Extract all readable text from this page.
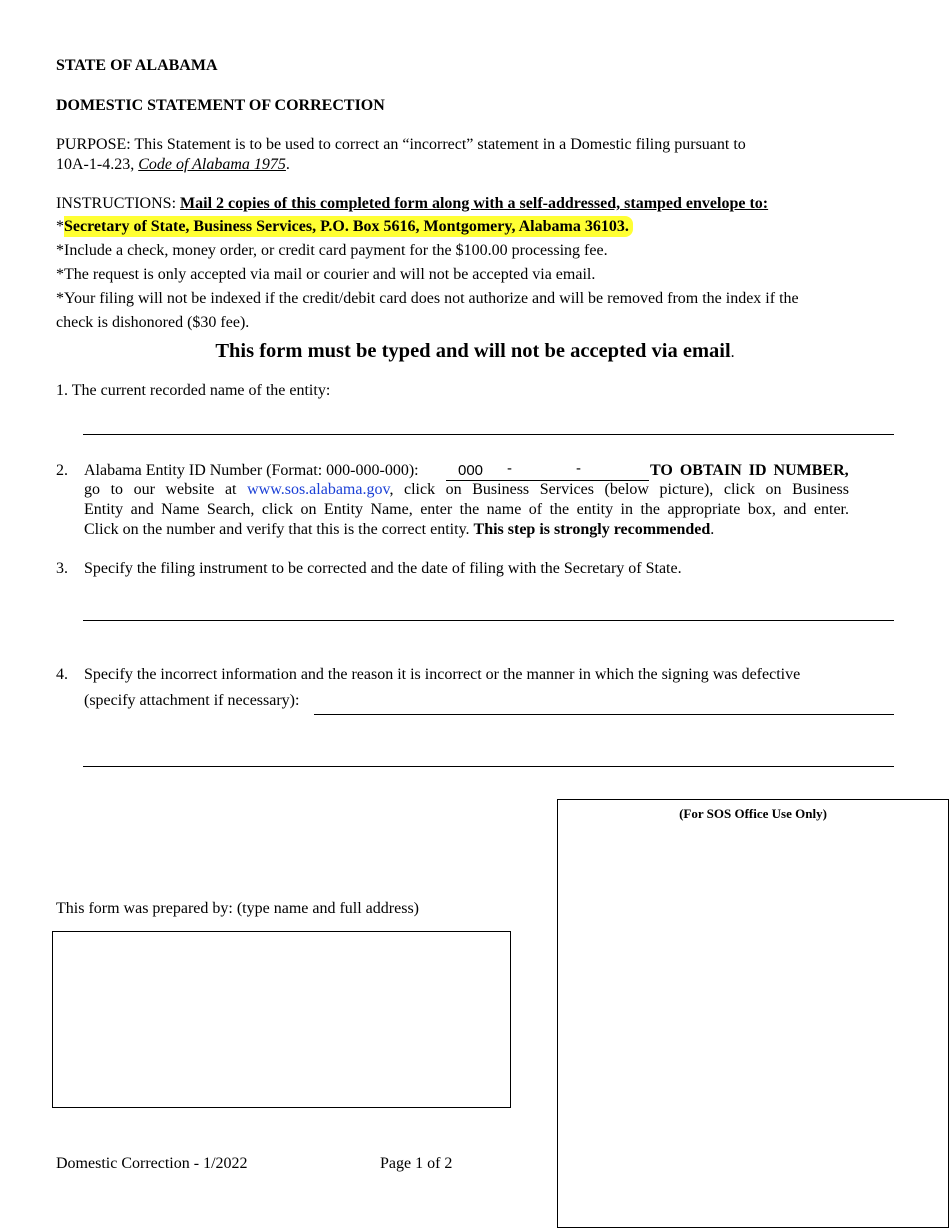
STATE OF ALABAMA
DOMESTIC STATEMENT OF CORRECTION
PURPOSE: This Statement is to be used to correct an “incorrect” statement in a Domestic filing pursuant to
10A-1-4.23, Code of Alabama 1975.
INSTRUCTIONS: Mail 2 copies of this completed form along with a self-addressed, stamped envelope to:
*Secretary of State, Business Services, P.O. Box 5616, Montgomery, Alabama 36103.
*Include a check, money order, or credit card payment for the $100.00 processing fee.
*The request is only accepted via mail or courier and will not be accepted via email.
*Your filing will not be indexed if the credit/debit card does not authorize and will be removed from the index if the
check is dishonored ($30 fee).
This form must be typed and will not be accepted via email.
1. The current recorded name of the entity:
2. Alabama Entity ID Number (Format: 000-000-000):	000 -	-	TO OBTAIN ID NUMBER,
go to our website at www.sos.alabama.gov, click on Business Services (below picture), click on Business
Entity and Name Search, click on Entity Name, enter the name of the entity in the appropriate box, and enter.
Click on the number and verify that this is the correct entity. This step is strongly recommended.
3. Specify the filing instrument to be corrected and the date of filing with the Secretary of State.
4. Specify the incorrect information and the reason it is incorrect or the manner in which the signing was defective
(specify attachment if necessary):
(For SOS Office Use Only)
This form was prepared by: (type name and full address)
Domestic Correction - 1/2022	Page 1 of 2
